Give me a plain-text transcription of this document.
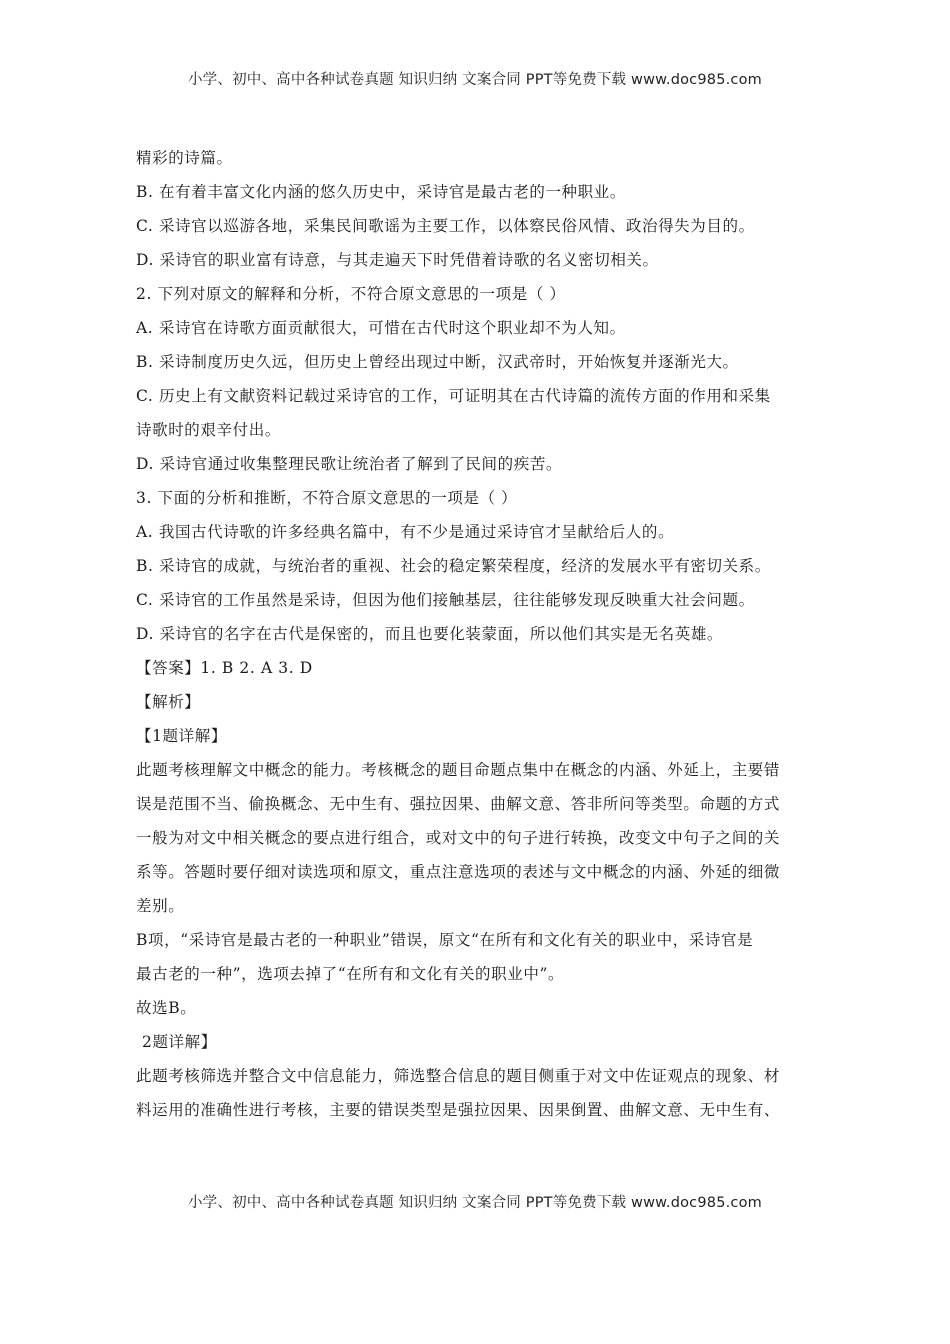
小学、初中、高中各种试卷真题 知识归纳 文案合同 PPT等免费下载 www.doc985.com
精彩的诗篇。
B. 在有着丰富文化内涵的悠久历史中，采诗官是最古老的一种职业。
C. 采诗官以巡游各地，采集民间歌谣为主要工作，以体察民俗风情、政治得失为目的。
D. 采诗官的职业富有诗意，与其走遍天下时凭借着诗歌的名义密切相关。
2. 下列对原文的解释和分析，不符合原文意思的一项是（ ）
A. 采诗官在诗歌方面贡献很大，可惜在古代时这个职业却不为人知。
B. 采诗制度历史久远，但历史上曾经出现过中断，汉武帝时，开始恢复并逐渐光大。
C. 历史上有文献资料记载过采诗官的工作，可证明其在古代诗篇的流传方面的作用和采集
诗歌时的艰辛付出。
D. 采诗官通过收集整理民歌让统治者了解到了民间的疾苦。
3. 下面的分析和推断，不符合原文意思的一项是（ ）
A. 我国古代诗歌的许多经典名篇中，有不少是通过采诗官才呈献给后人的。
B. 采诗官的成就，与统治者的重视、社会的稳定繁荣程度，经济的发展水平有密切关系。
C. 采诗官的工作虽然是采诗，但因为他们接触基层，往往能够发现反映重大社会问题。
D. 采诗官的名字在古代是保密的，而且也要化装蒙面，所以他们其实是无名英雄。
【答案】1. B 2. A 3. D
【解析】
【1题详解】
此题考核理解文中概念的能力。考核概念的题目命题点集中在概念的内涵、外延上，主要错
误是范围不当、偷换概念、无中生有、强拉因果、曲解文意、答非所问等类型。命题的方式
一般为对文中相关概念的要点进行组合，或对文中的句子进行转换，改变文中句子之间的关
系等。答题时要仔细对读选项和原文，重点注意选项的表述与文中概念的内涵、外延的细微
差别。
B项，“采诗官是最古老的一种职业”错误，原文“在所有和文化有关的职业中，采诗官是
最古老的一种”，选项去掉了“在所有和文化有关的职业中”。
故选B。
2题详解】
此题考核筛选并整合文中信息能力，筛选整合信息的题目侧重于对文中佐证观点的现象、材
料运用的准确性进行考核，主要的错误类型是强拉因果、因果倒置、曲解文意、无中生有、
小学、初中、高中各种试卷真题 知识归纳 文案合同 PPT等免费下载 www.doc985.com
